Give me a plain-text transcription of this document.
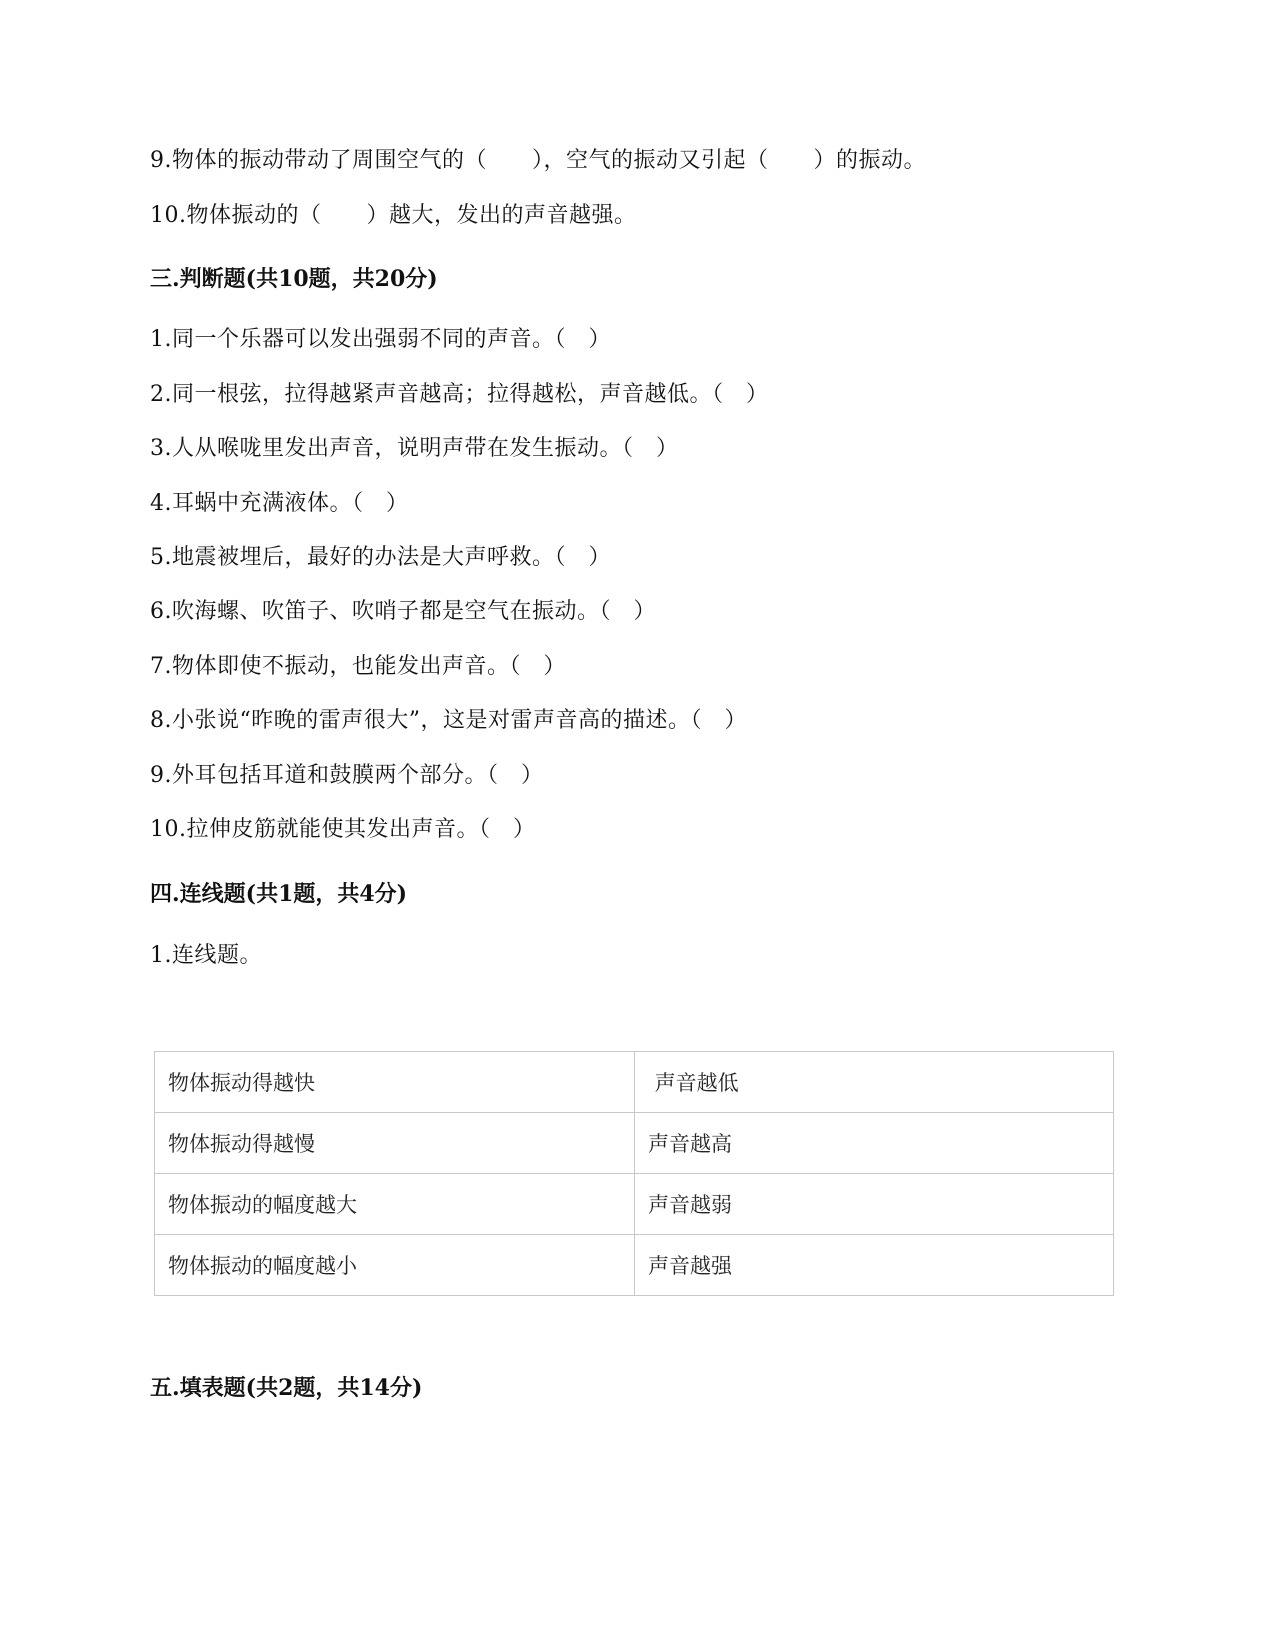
9.物体的振动带动了周围空气的（　　），空气的振动又引起（　　）的振动。
10.物体振动的（　　）越大，发出的声音越强。
三.判断题(共10题，共20分)
1.同一个乐器可以发出强弱不同的声音。（　）
2.同一根弦，拉得越紧声音越高；拉得越松，声音越低。（　）
3.人从喉咙里发出声音，说明声带在发生振动。（　）
4.耳蜗中充满液体。（　）
5.地震被埋后，最好的办法是大声呼救。（　）
6.吹海螺、吹笛子、吹哨子都是空气在振动。（　）
7.物体即使不振动，也能发出声音。（　）
8.小张说“昨晚的雷声很大”，这是对雷声音高的描述。（　）
9.外耳包括耳道和鼓膜两个部分。（　）
10.拉伸皮筋就能使其发出声音。（　）
四.连线题(共1题，共4分)
1.连线题。
物体振动得越快	声音越低
物体振动得越慢	声音越高
物体振动的幅度越大	声音越弱
物体振动的幅度越小	声音越强
五.填表题(共2题，共14分)
